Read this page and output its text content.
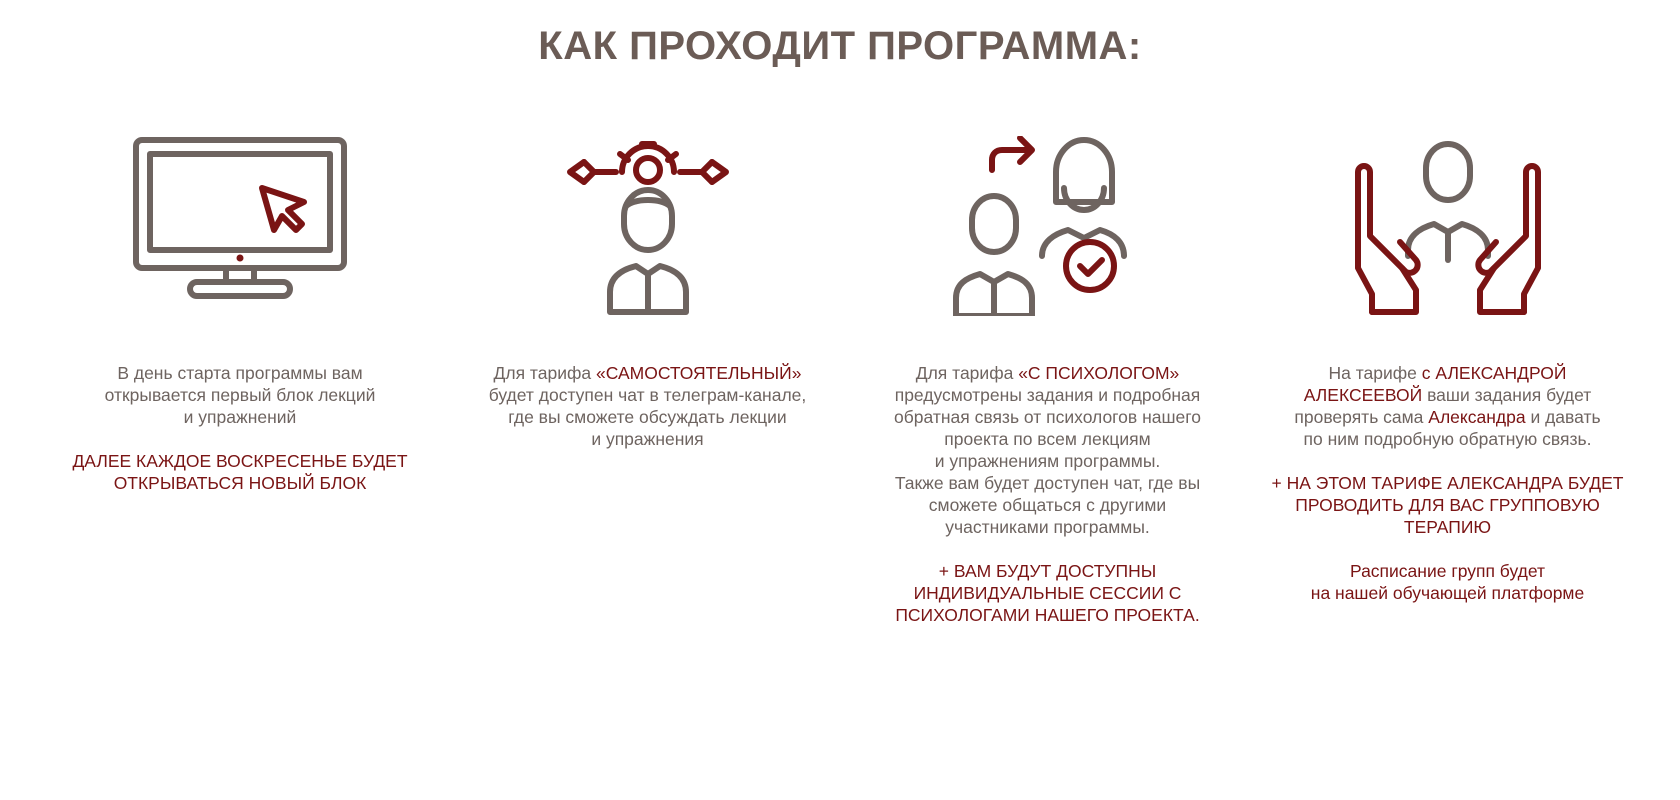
КАК ПРОХОДИТ ПРОГРАММА:

В день старта программы вам

открывается первый блок лекций

и упражнений

ДАЛЕЕ КАЖДОЕ ВОСКРЕСЕНЬЕ БУДЕТ

ОТКРЫВАТЬСЯ НОВЫЙ БЛОК

Для тарифа «САМОСТОЯТЕЛЬНЫЙ»

будет доступен чат в телеграм-канале,

где вы сможете обсуждать лекции

и упражнения

Для тарифа «С ПСИХОЛОГОМ»

предусмотрены задания и подробная

обратная связь от психологов нашего

проекта по всем лекциям

и упражнениям программы.

Также вам будет доступен чат, где вы

сможете общаться с другими

участниками программы.

+ ВАМ БУДУТ ДОСТУПНЫ

ИНДИВИДУАЛЬНЫЕ СЕССИИ С

ПСИХОЛОГАМИ НАШЕГО ПРОЕКТА.

На тарифе с АЛЕКСАНДРОЙ

АЛЕКСЕЕВОЙ ваши задания будет

проверять сама Александра и давать

по ним подробную обратную связь.

+ НА ЭТОМ ТАРИФЕ АЛЕКСАНДРА БУДЕТ

ПРОВОДИТЬ ДЛЯ ВАС ГРУППОВУЮ

ТЕРАПИЮ

Расписание групп будет

на нашей обучающей платформе
